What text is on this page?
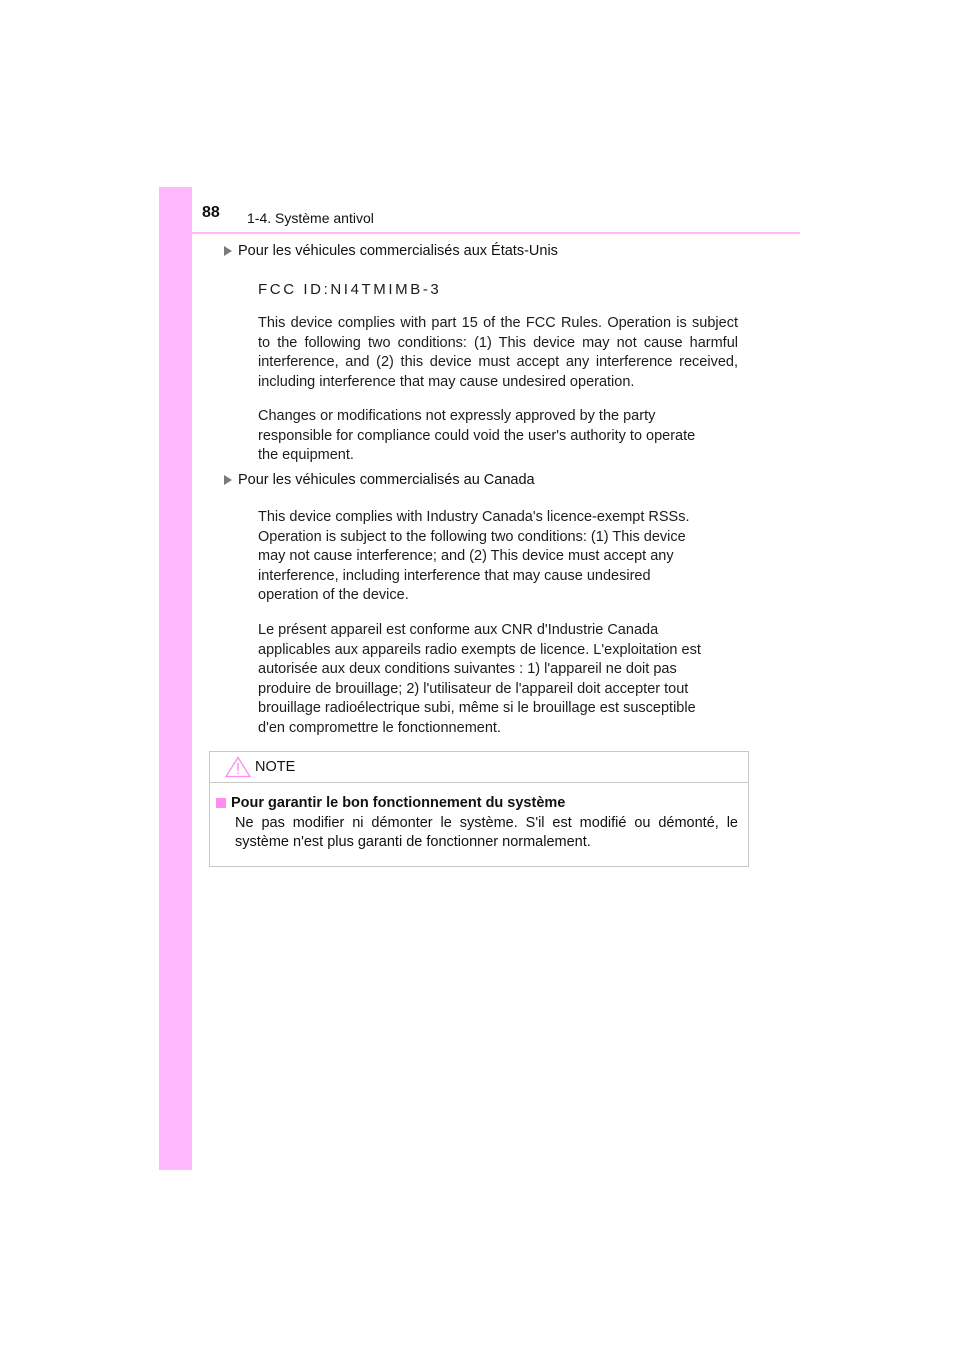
88 1-4. Système antivol
Pour les véhicules commercialisés aux États-Unis
FCC ID:NI4TMIMB-3
This device complies with part 15 of the FCC Rules. Operation is subject to the following two conditions: (1) This device may not cause harmful interference, and (2) this device must accept any interference received, including interference that may cause undesired operation.

Changes or modifications not expressly approved by the party

responsible for compliance could void the user's authority to operate

the equipment.

Pour les véhicules commercialisés au Canada

This device complies with Industry Canada's licence-exempt RSSs.

Operation is subject to the following two conditions: (1) This device

may not cause interference; and (2) This device must accept any

interference, including interference that may cause undesired

operation of the device.

Le présent appareil est conforme aux CNR d'Industrie Canada

applicables aux appareils radio exempts de licence. L'exploitation est

autorisée aux deux conditions suivantes : 1) l'appareil ne doit pas

produire de brouillage; 2) l'utilisateur de l'appareil doit accepter tout

brouillage radioélectrique subi, même si le brouillage est susceptible

d'en compromettre le fonctionnement.

NOTE
Pour garantir le bon fonctionnement du système

Ne pas modifier ni démonter le système. S'il est modifié ou démonté, le système n'est plus garanti de fonctionner normalement.
